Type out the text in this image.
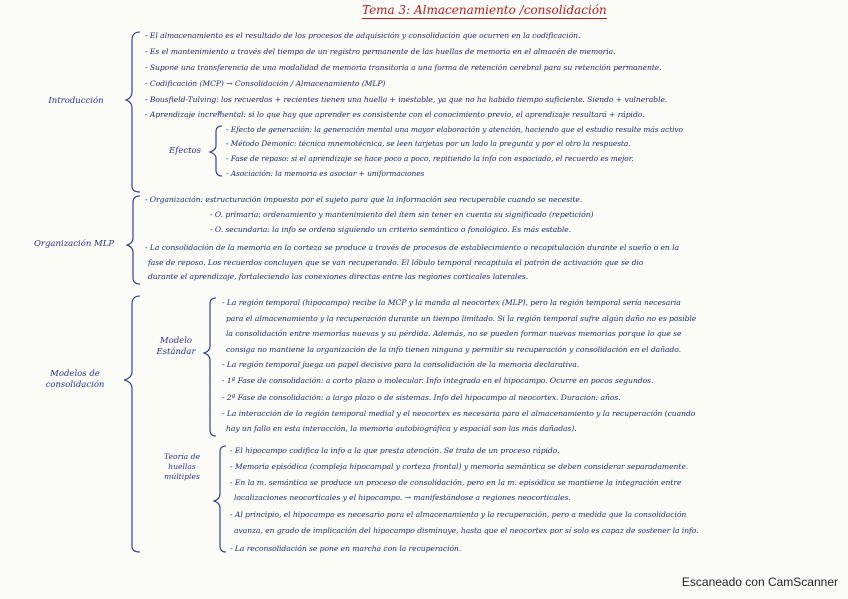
Tema 3: Almacenamiento /consolidación
Introducción
Organización MLP
Modelos de consolidación
Efectos
Modelo Estándar
Teoría de huellas múltiples
- El almacenamiento es el resultado de los procesos de adquisición y consolidación que ocurren en la codificación.
- Es el mantenimiento a través del tiempo de un registro permanente de las huellas de memoria en el almacén de memoria.
- Supone una transferencia de una modalidad de memoria transitoria a una forma de retención cerebral para su retención permanente.
- Codificación (MCP) → Consolidación / Almacenamiento (MLP)
- Bousfield-Tulving: los recuerdos + recientes tienen una huella + inestable, ya que no ha habido tiempo suficiente. Siendo + vulnerable.
- Aprendizaje incremental: si lo que hay que aprender es consistente con el conocimiento previo, el aprendizaje resultará + rápido.
- Efecto de generación: la generación mental una mayor elaboración y atención, haciendo que el estudio resulte más activo
- Método Demonic: técnica mnemotécnica, se leen tarjetas por un lado la pregunta y por el otro la respuesta.
- Fase de repaso: si el aprendizaje se hace poco a poco, repitiendo la info con espaciado, el recuerdo es mejor.
- Asociación: la memoria es asociar + uniformaciones
- Organización: estructuración impuesta por el sujeto para que la información sea recuperable cuando se necesite.
- O. primaria: ordenamiento y mantenimiento del ítem sin tener en cuenta su significado (repetición)
- O. secundaria: la info se ordena siguiendo un criterio semántico o fonológico. Es más estable.
- La consolidación de la memoria en la corteza se produce a través de procesos de establecimiento o recapitulación durante el sueño o en la
fase de reposo. Los recuerdos concluyen que se van recuperando. El lóbulo temporal recapitula el patrón de activación que se dio
durante el aprendizaje, fortaleciendo las conexiones directas entre las regiones corticales laterales.
- La región temporal (hipocampo) recibe la MCP y la manda al neocortex (MLP), pero la región temporal sería necesaria
para el almacenamiento y la recuperación durante un tiempo limitado. Si la región temporal sufre algún daño no es posible
la consolidación entre memorias nuevas y su pérdida. Además, no se pueden formar nuevas memorias porque lo que se
consiga no mantiene la organización de la info tienen ninguna y permitir su recuperación y consolidación en el dañado.
- La región temporal juega un papel decisivo para la consolidación de la memoria declarativa.
- 1ª Fase de consolidación: a corto plazo o molecular. Info integrada en el hipocampo. Ocurre en pocos segundos.
- 2ª Fase de consolidación: a largo plazo o de sistemas. Info del hipocampo al neocortex. Duración: años.
- La interacción de la región temporal medial y el neocortex es necesaria para el almacenamiento y la recuperación (cuando
hay un fallo en esta interacción, la memoria autobiográfica y espacial son las más dañadas).
- El hipocampo codifica la info a la que presta atención. Se trata de un proceso rápido.
- Memoria episódica (compleja hipocampal y corteza frontal) y memoria semántica se deben considerar separadamente.
- En la m. semántica se produce un proceso de consolidación, pero en la m. episódica se mantiene la integración entre
localizaciones neocorticales y el hipocampo. → manifestándose a regiones neocorticales.
- Al principio, el hipocampo es necesario para el almacenamiento y la recuperación, pero a medida que la consolidación
avanza, en grado de implicación del hipocampo disminuye, hasta que el neocortex por sí solo es capaz de sostener la info.
- La reconsolidación se pone en marcha con la recuperación.
Escaneado con CamScanner
